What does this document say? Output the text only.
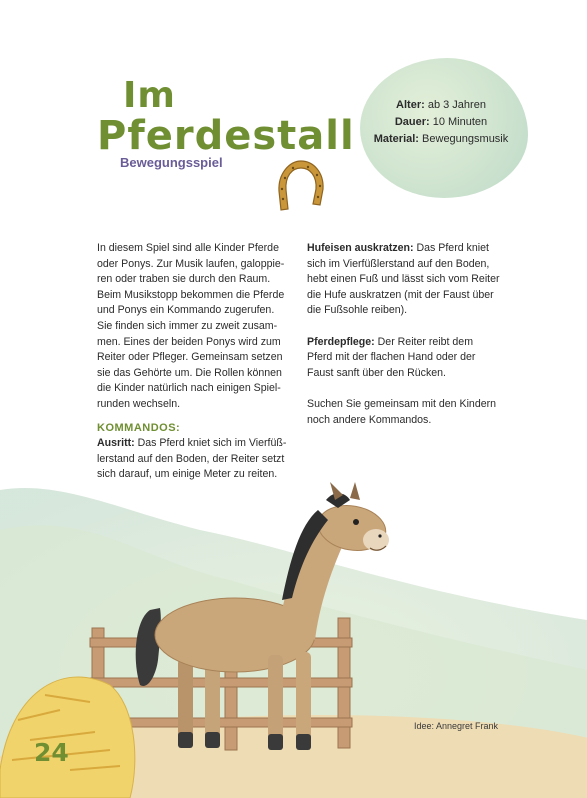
Im
Pferdestall
Bewegungsspiel
Alter: ab 3 Jahren
Dauer: 10 Minuten
Material: Bewegungsmusik

In diesem Spiel sind alle Kinder Pferde

oder Ponys. Zur Musik laufen, galoppie-

ren oder traben sie durch den Raum.

Beim Musikstopp bekommen die Pferde

und Ponys ein Kommando zugerufen.

Sie finden sich immer zu zweit zusam-

men. Eines der beiden Ponys wird zum

Reiter oder Pfleger. Gemeinsam setzen

sie das Gehörte um. Die Rollen können

die Kinder natürlich nach einigen Spiel-

runden wechseln.

KOMMANDOS:

Ausritt: Das Pferd kniet sich im Vierfüß-

lerstand auf den Boden, der Reiter setzt

sich darauf, um einige Meter zu reiten.

Hufeisen auskratzen: Das Pferd kniet

sich im Vierfüßlerstand auf den Boden,

hebt einen Fuß und lässt sich vom Reiter

die Hufe auskratzen (mit der Faust über

die Fußsohle reiben).

Pferdepflege: Der Reiter reibt dem

Pferd mit der flachen Hand oder der

Faust sanft über den Rücken.

Suchen Sie gemeinsam mit den Kindern

noch andere Kommandos.

Idee: Annegret Frank
24
